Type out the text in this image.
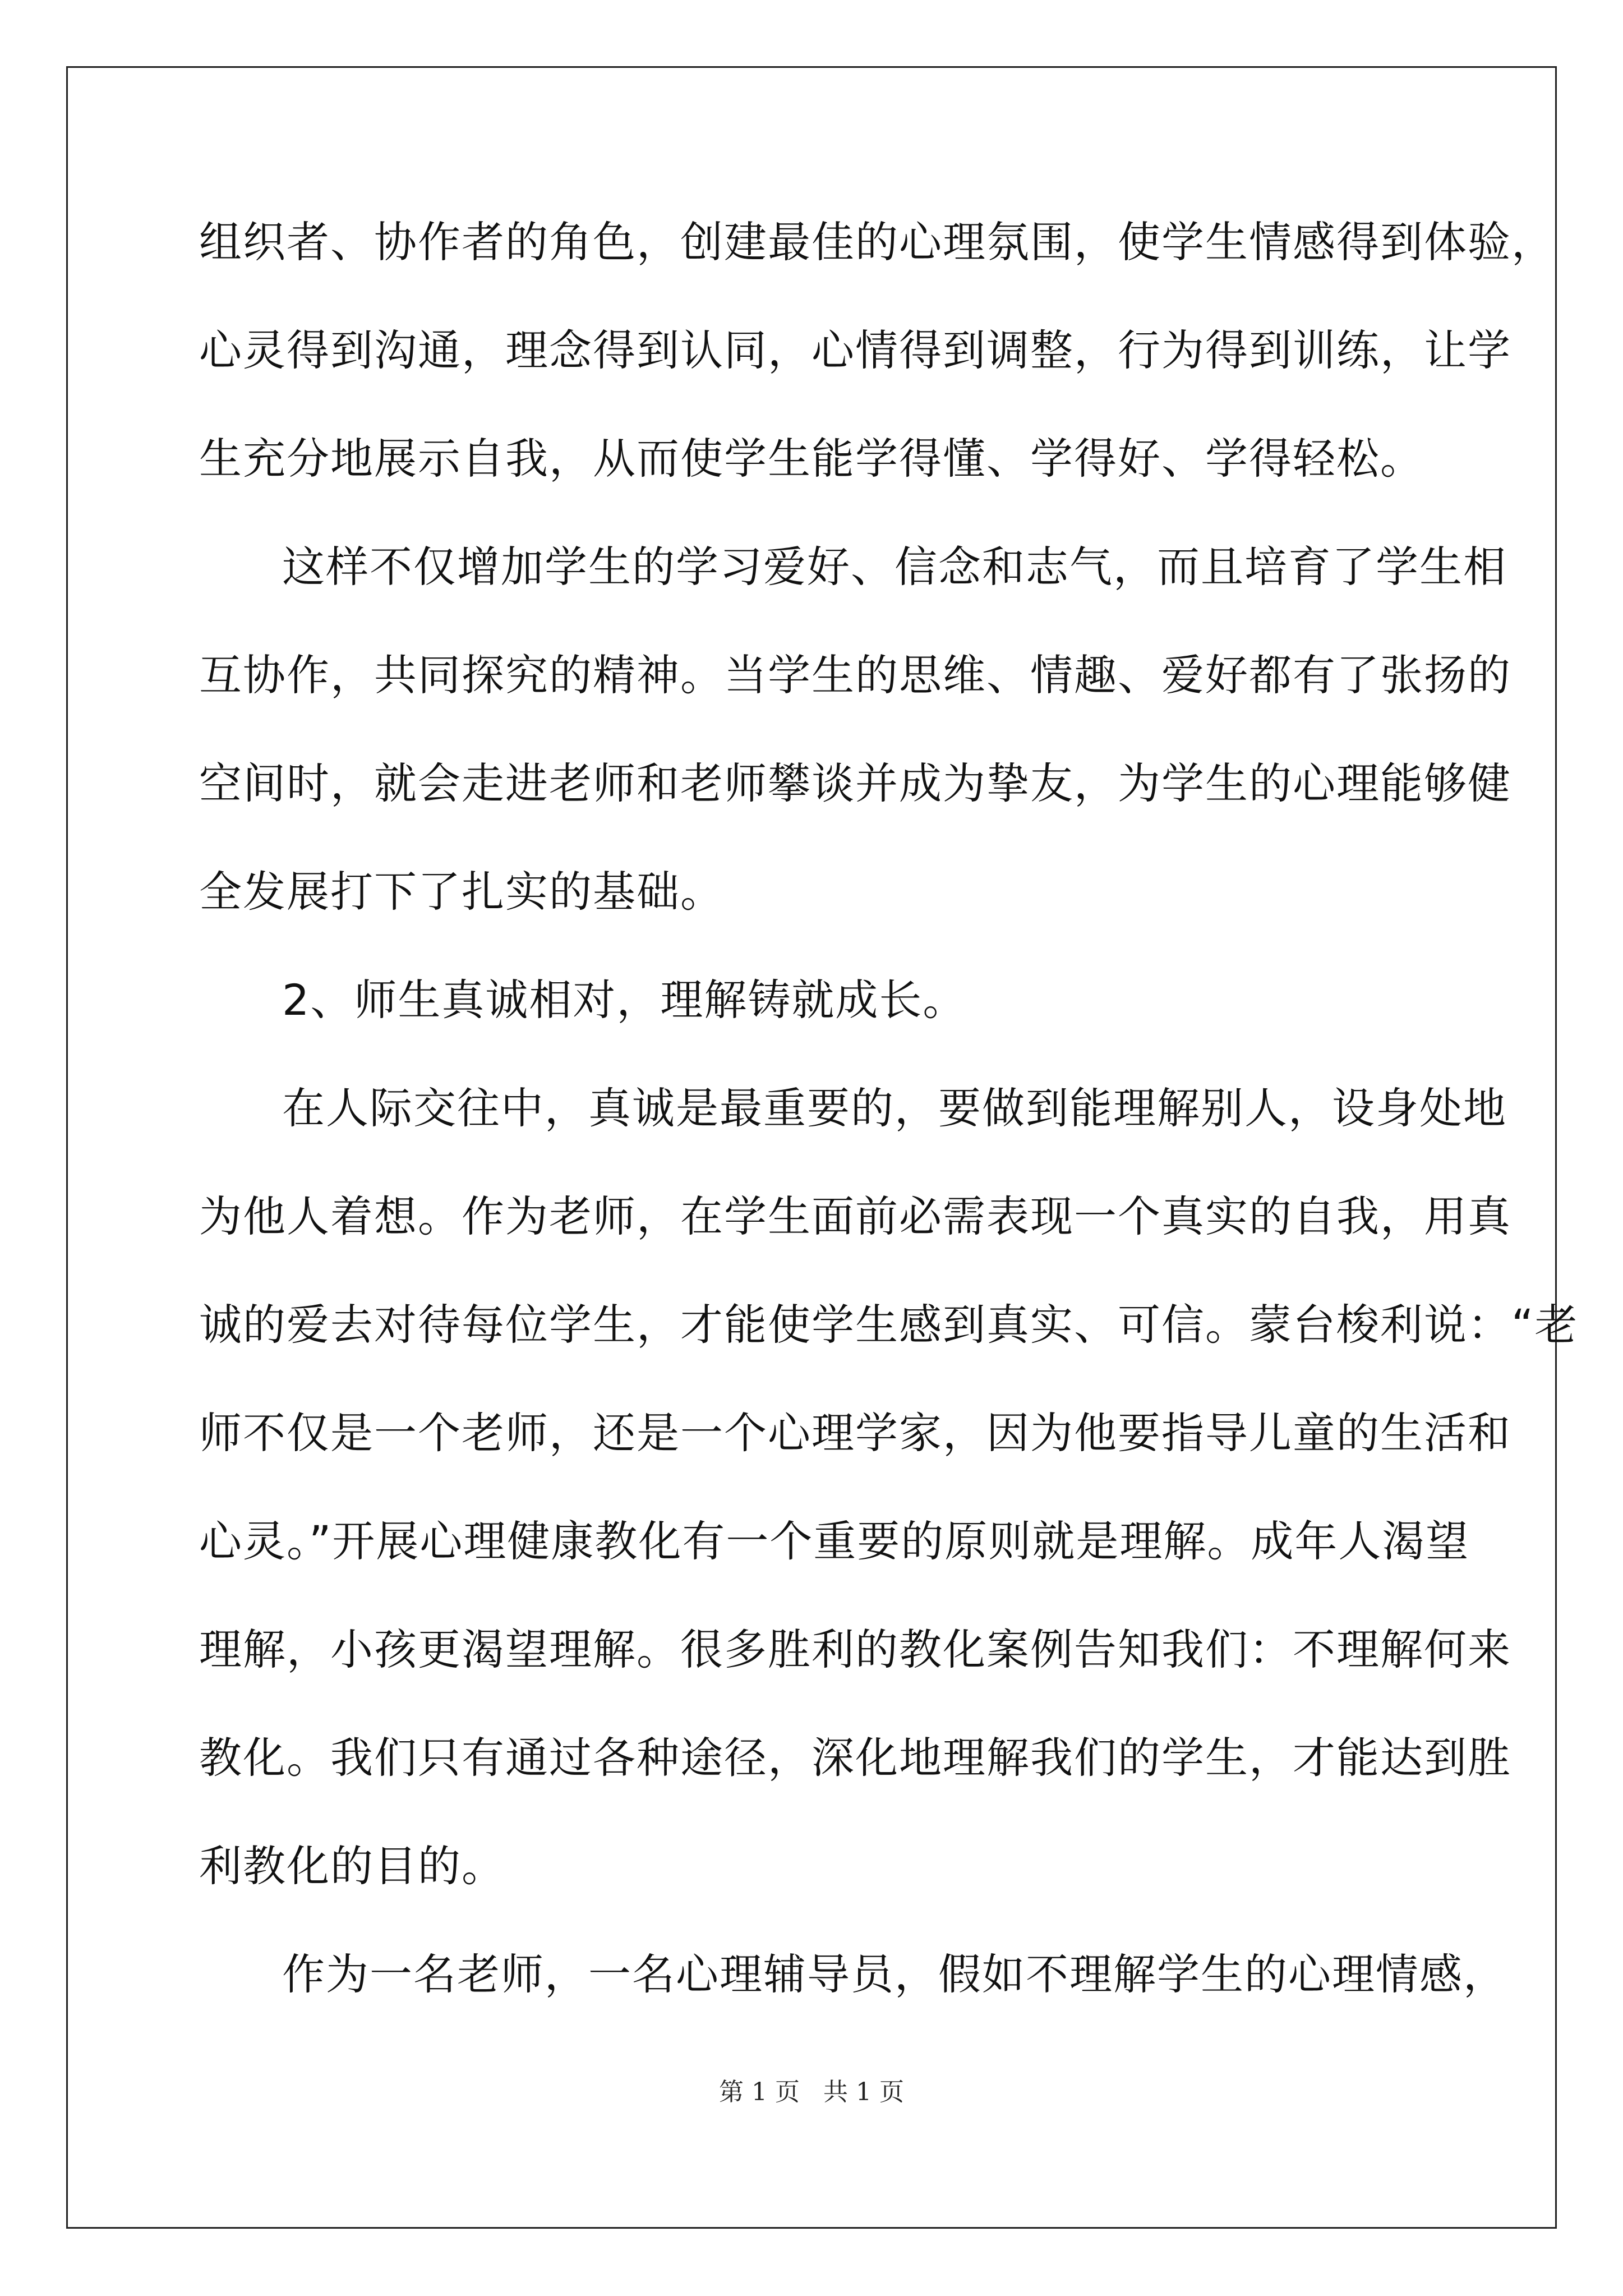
组织者、协作者的角色，创建最佳的心理氛围，使学生情感得到体验，
心灵得到沟通，理念得到认同，心情得到调整，行为得到训练，让学
生充分地展示自我，从而使学生能学得懂、学得好、学得轻松。
这样不仅增加学生的学习爱好、信念和志气，而且培育了学生相
互协作，共同探究的精神。当学生的思维、情趣、爱好都有了张扬的
空间时，就会走进老师和老师攀谈并成为挚友，为学生的心理能够健
全发展打下了扎实的基础。
2、师生真诚相对，理解铸就成长。
在人际交往中，真诚是最重要的，要做到能理解别人，设身处地
为他人着想。作为老师，在学生面前必需表现一个真实的自我，用真
诚的爱去对待每位学生，才能使学生感到真实、可信。蒙台梭利说：“老
师不仅是一个老师，还是一个心理学家，因为他要指导儿童的生活和
心灵。”开展心理健康教化有一个重要的原则就是理解。成年人渴望
理解，小孩更渴望理解。很多胜利的教化案例告知我们：不理解何来
教化。我们只有通过各种途径，深化地理解我们的学生，才能达到胜
利教化的目的。
作为一名老师，一名心理辅导员，假如不理解学生的心理情感，
第 1 页 共 1 页
